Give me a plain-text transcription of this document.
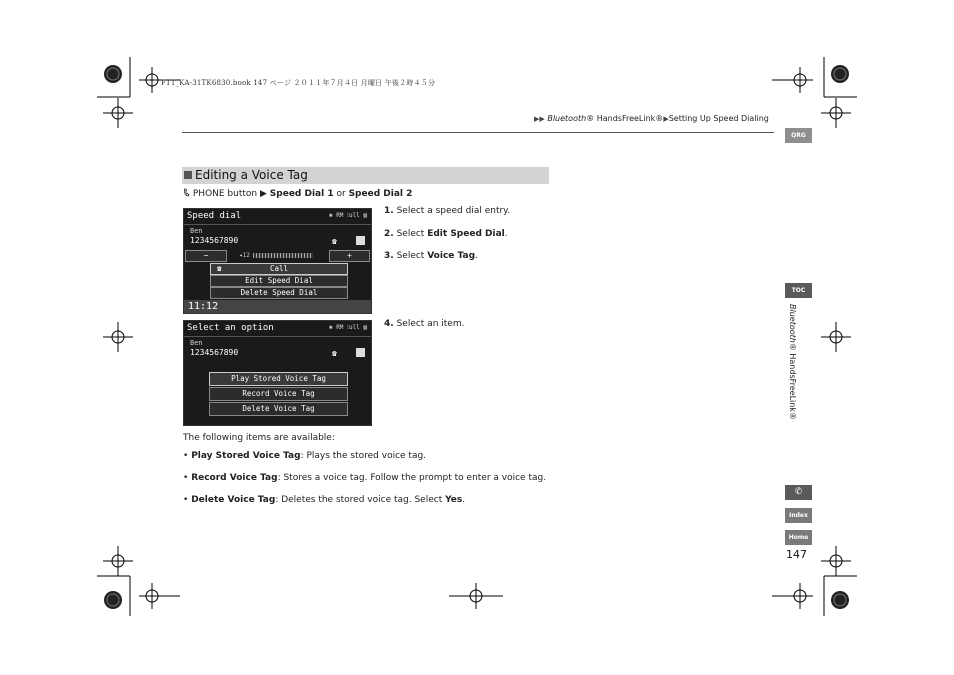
F1T_KA-31TK6830.book 147 ページ ２０１１年７月４日 月曜日 午後２時４５分
▶▶ Bluetooth® HandsFreeLink®▶Setting Up Speed Dialing
QRG
Editing a Voice Tag
PHONE button ▶ Speed Dial 1 or Speed Dial 2
Speed dial	✱ RM ⁝ull ▥
Ben
1234567890	☎
−	◂12	+
☎	Call
Edit Speed Dial
Delete Speed Dial
11:12
Select an option	✱ RM ⁝ull ▥
Ben
1234567890	☎
Play Stored Voice Tag
Record Voice Tag
Delete Voice Tag
1. Select a speed dial entry.
2. Select Edit Speed Dial.
3. Select Voice Tag.
4. Select an item.
The following items are available:
• Play Stored Voice Tag: Plays the stored voice tag.
• Record Voice Tag: Stores a voice tag. Follow the prompt to enter a voice tag.
• Delete Voice Tag: Deletes the stored voice tag. Select Yes.
TOC
Bluetooth® HandsFreeLink®
✆
Index
Home
147
